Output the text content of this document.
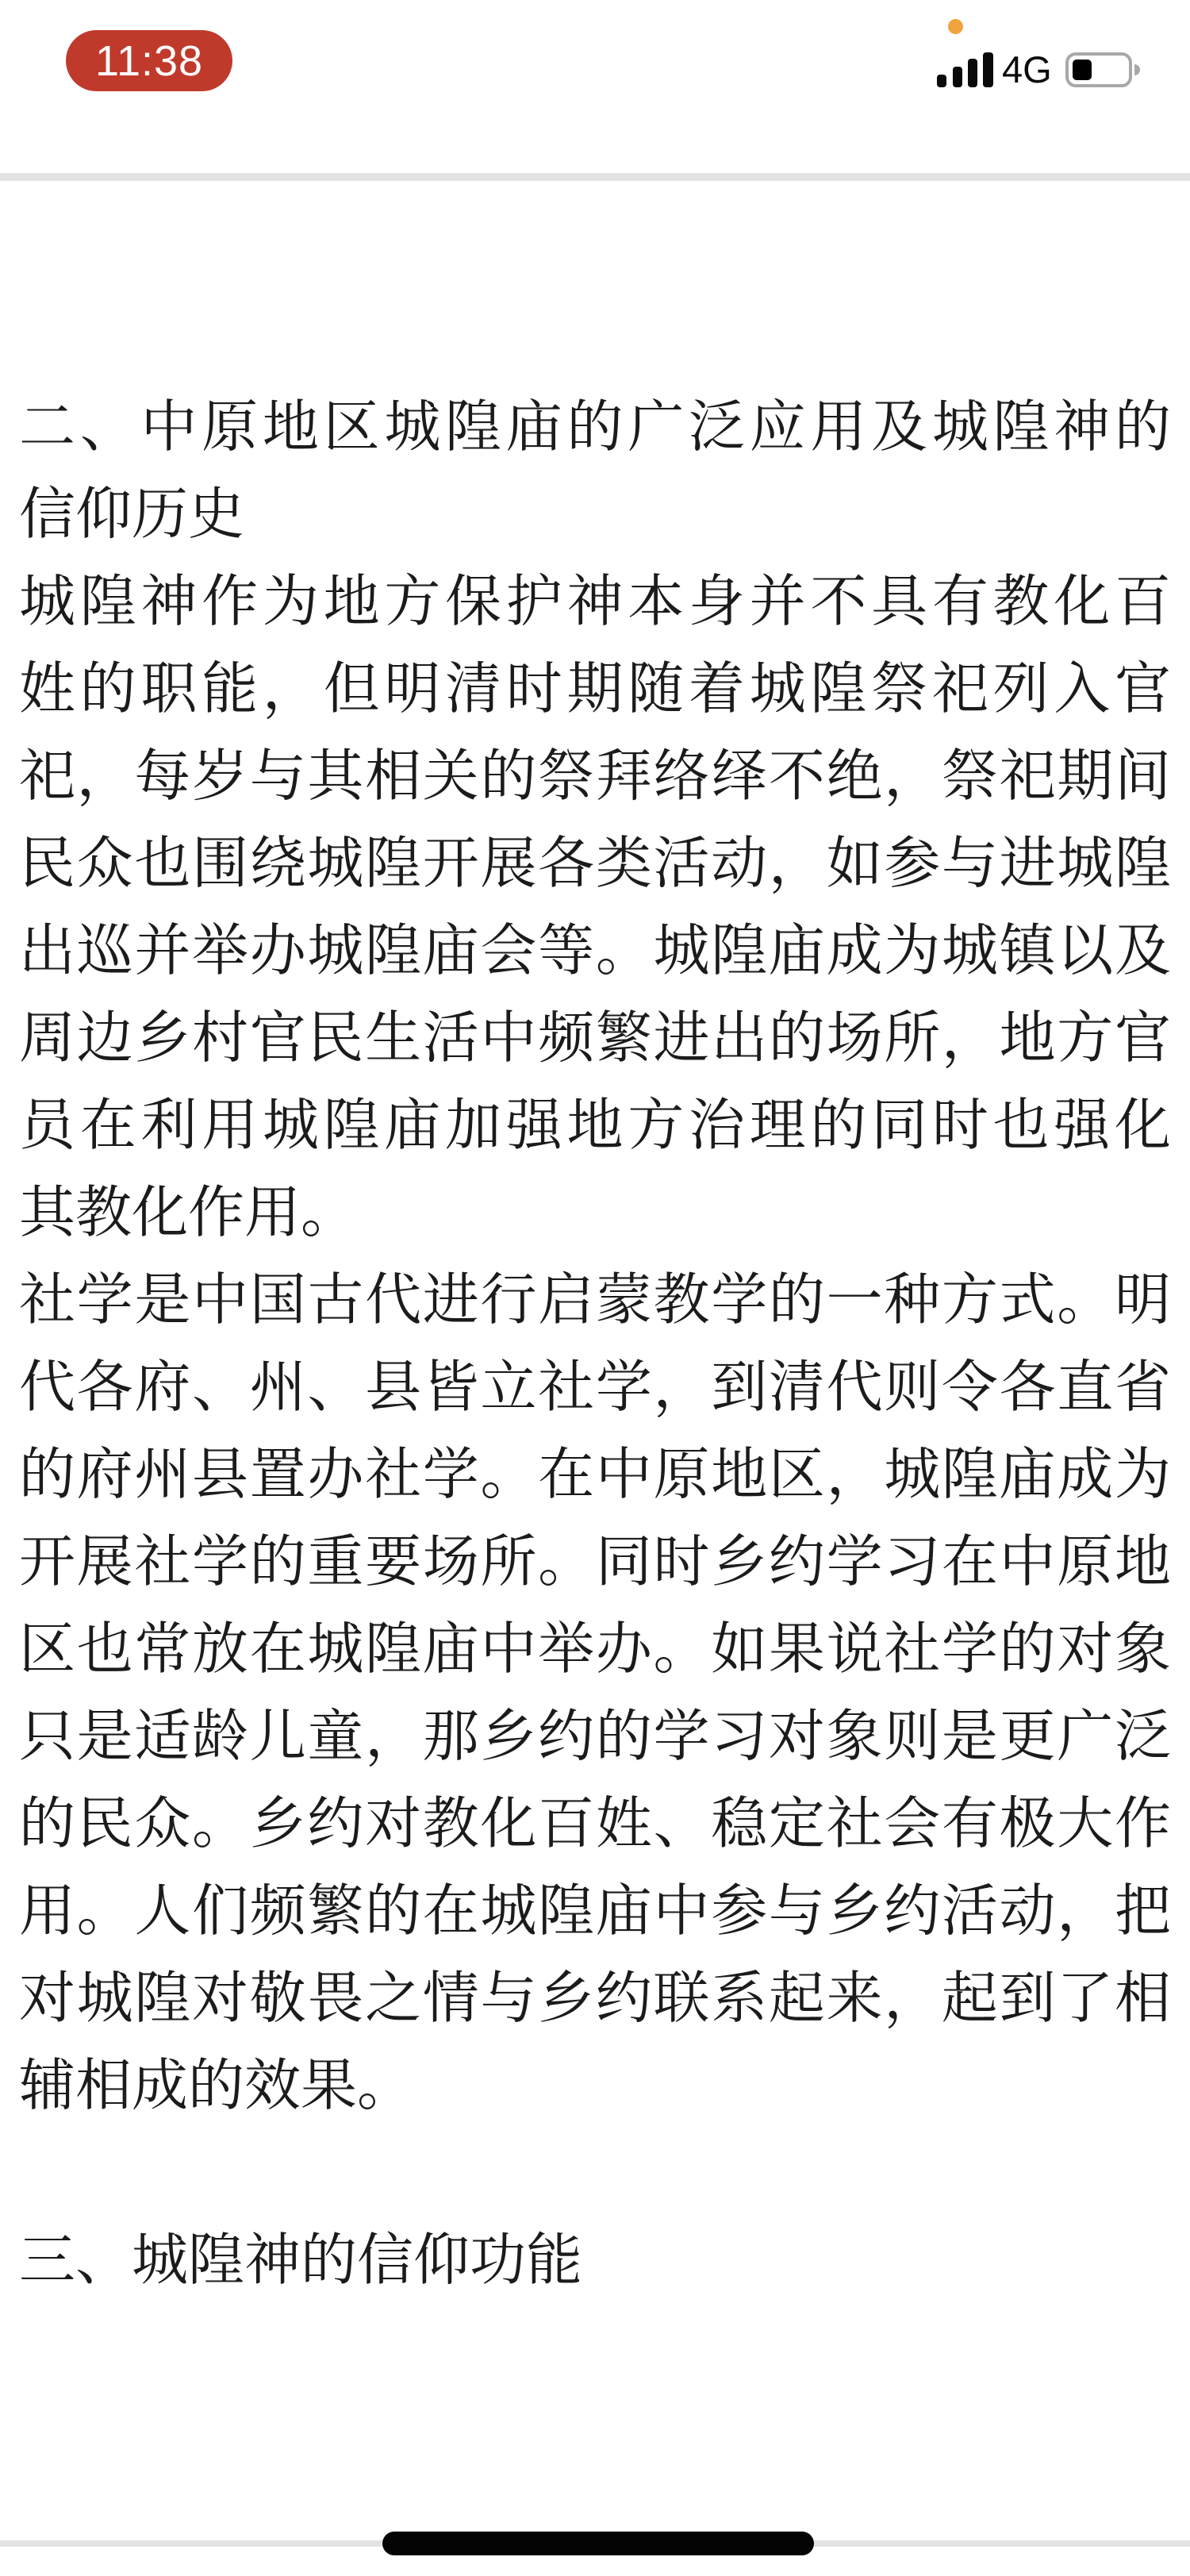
11:38	4G
二、中原地区城隍庙的广泛应用及城隍神的
信仰历史
城隍神作为地方保护神本身并不具有教化百
姓的职能，但明清时期随着城隍祭祀列入官
祀，每岁与其相关的祭拜络绎不绝，祭祀期间
民众也围绕城隍开展各类活动，如参与进城隍
出巡并举办城隍庙会等。城隍庙成为城镇以及
周边乡村官民生活中频繁进出的场所，地方官
员在利用城隍庙加强地方治理的同时也强化
其教化作用。
社学是中国古代进行启蒙教学的一种方式。明
代各府、州、县皆立社学，到清代则令各直省
的府州县置办社学。在中原地区，城隍庙成为
开展社学的重要场所。同时乡约学习在中原地
区也常放在城隍庙中举办。如果说社学的对象
只是适龄儿童，那乡约的学习对象则是更广泛
的民众。乡约对教化百姓、稳定社会有极大作
用。人们频繁的在城隍庙中参与乡约活动，把
对城隍对敬畏之情与乡约联系起来，起到了相
辅相成的效果。
三、城隍神的信仰功能
